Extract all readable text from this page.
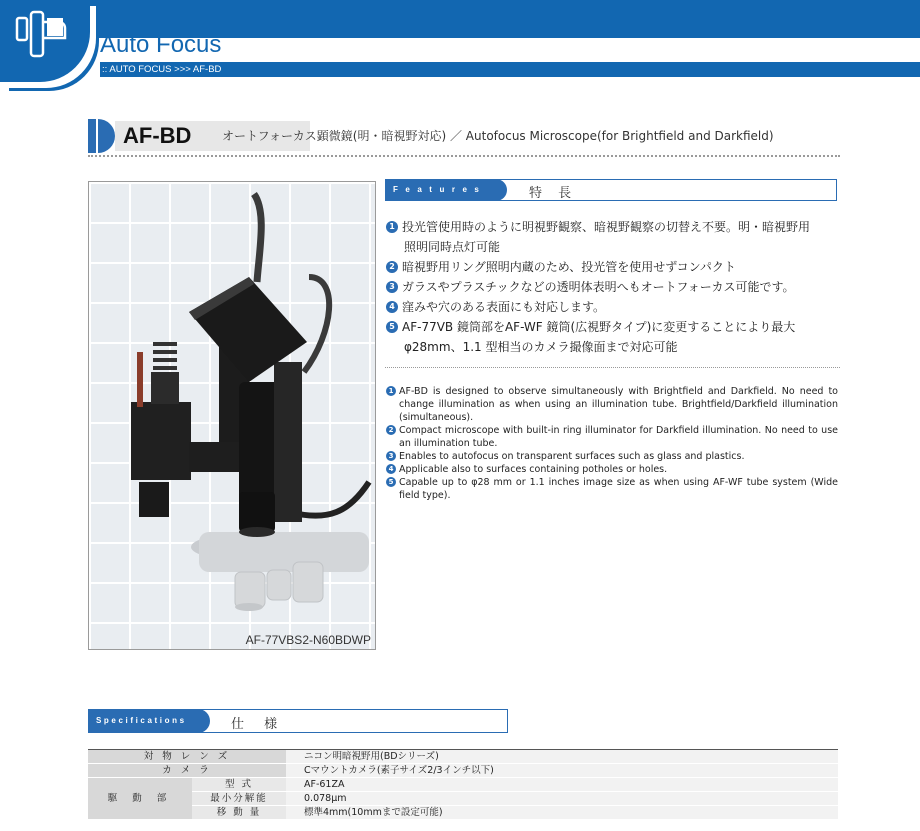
Auto Focus
:: AUTO FOCUS >>> AF-BD
AF-BD	オートフォーカス顕微鏡(明・暗視野対応) ／ Autofocus Microscope(for Brightfield and Darkfield)
AF-77VBS2-N60BDWP
Features	特 長
1 投光管使用時のように明視野観察、暗視野観察の切替え不要。明・暗視野用
照明同時点灯可能
2 暗視野用リング照明内蔵のため、投光管を使用せずコンパクト
3 ガラスやプラスチックなどの透明体表明へもオートフォーカス可能です。
4 窪みや穴のある表面にも対応します。
5 AF-77VB 鏡筒部をAF-WF 鏡筒(広視野タイプ)に変更することにより最大
φ28mm、1.1 型相当のカメラ撮像面まで対応可能
1 AF-BD is designed to observe simultaneously with Brightfield and Darkfield. No need to change illumination as when using an illumination tube. Brightfield/Darkfield illumination (simultaneous).
2 Compact microscope with built-in ring illuminator for Darkfield illumination. No need to use an illumination tube.
3 Enables to autofocus on transparent surfaces such as glass and plastics.
4 Applicable also to surfaces containing potholes or holes.
5 Capable up to φ28 mm or 1.1 inches image size as when using AF-WF tube system (Wide field type).
Specifications	仕 様
対 物 レ ン ズ		ニコン明暗視野用(BDシリーズ)
カ メ ラ		Cマウントカメラ(素子サイズ2/3インチ以下)
駆 動 部	型 式	AF-61ZA
	最小分解能	0.078μm
	移 動 量	標準4mm(10mmまで設定可能)
